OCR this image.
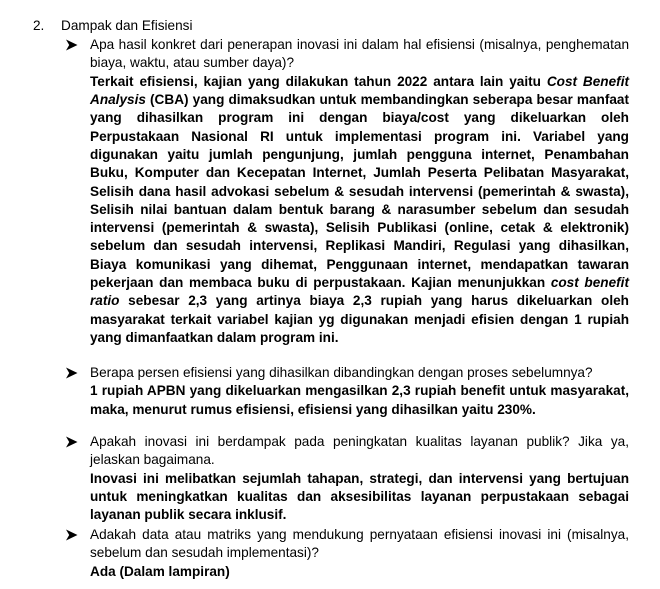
2. Dampak dan Efisiensi
Apa hasil konkret dari penerapan inovasi ini dalam hal efisiensi (misalnya, penghematan biaya, waktu, atau sumber daya)?
Terkait efisiensi, kajian yang dilakukan tahun 2022 antara lain yaitu Cost Benefit Analysis (CBA) yang dimaksudkan untuk membandingkan seberapa besar manfaat yang dihasilkan program ini dengan biaya/cost yang dikeluarkan oleh Perpustakaan Nasional RI untuk implementasi program ini. Variabel yang digunakan yaitu jumlah pengunjung, jumlah pengguna internet, Penambahan Buku, Komputer dan Kecepatan Internet, Jumlah Peserta Pelibatan Masyarakat, Selisih dana hasil advokasi sebelum & sesudah intervensi (pemerintah & swasta), Selisih nilai bantuan dalam bentuk barang & narasumber sebelum dan sesudah intervensi (pemerintah & swasta), Selisih Publikasi (online, cetak & elektronik) sebelum dan sesudah intervensi, Replikasi Mandiri, Regulasi yang dihasilkan, Biaya komunikasi yang dihemat, Penggunaan internet, mendapatkan tawaran pekerjaan dan membaca buku di perpustakaan. Kajian menunjukkan cost benefit ratio sebesar 2,3 yang artinya biaya 2,3 rupiah yang harus dikeluarkan oleh masyarakat terkait variabel kajian yg digunakan menjadi efisien dengan 1 rupiah yang dimanfaatkan dalam program ini.
Berapa persen efisiensi yang dihasilkan dibandingkan dengan proses sebelumnya?
1 rupiah APBN yang dikeluarkan mengasilkan 2,3 rupiah benefit untuk masyarakat, maka, menurut rumus efisiensi, efisiensi yang dihasilkan yaitu 230%.
Apakah inovasi ini berdampak pada peningkatan kualitas layanan publik? Jika ya, jelaskan bagaimana.
Inovasi ini melibatkan sejumlah tahapan, strategi, dan intervensi yang bertujuan untuk meningkatkan kualitas dan aksesibilitas layanan perpustakaan sebagai layanan publik secara inklusif.
Adakah data atau matriks yang mendukung pernyataan efisiensi inovasi ini (misalnya, sebelum dan sesudah implementasi)?
Ada (Dalam lampiran)
